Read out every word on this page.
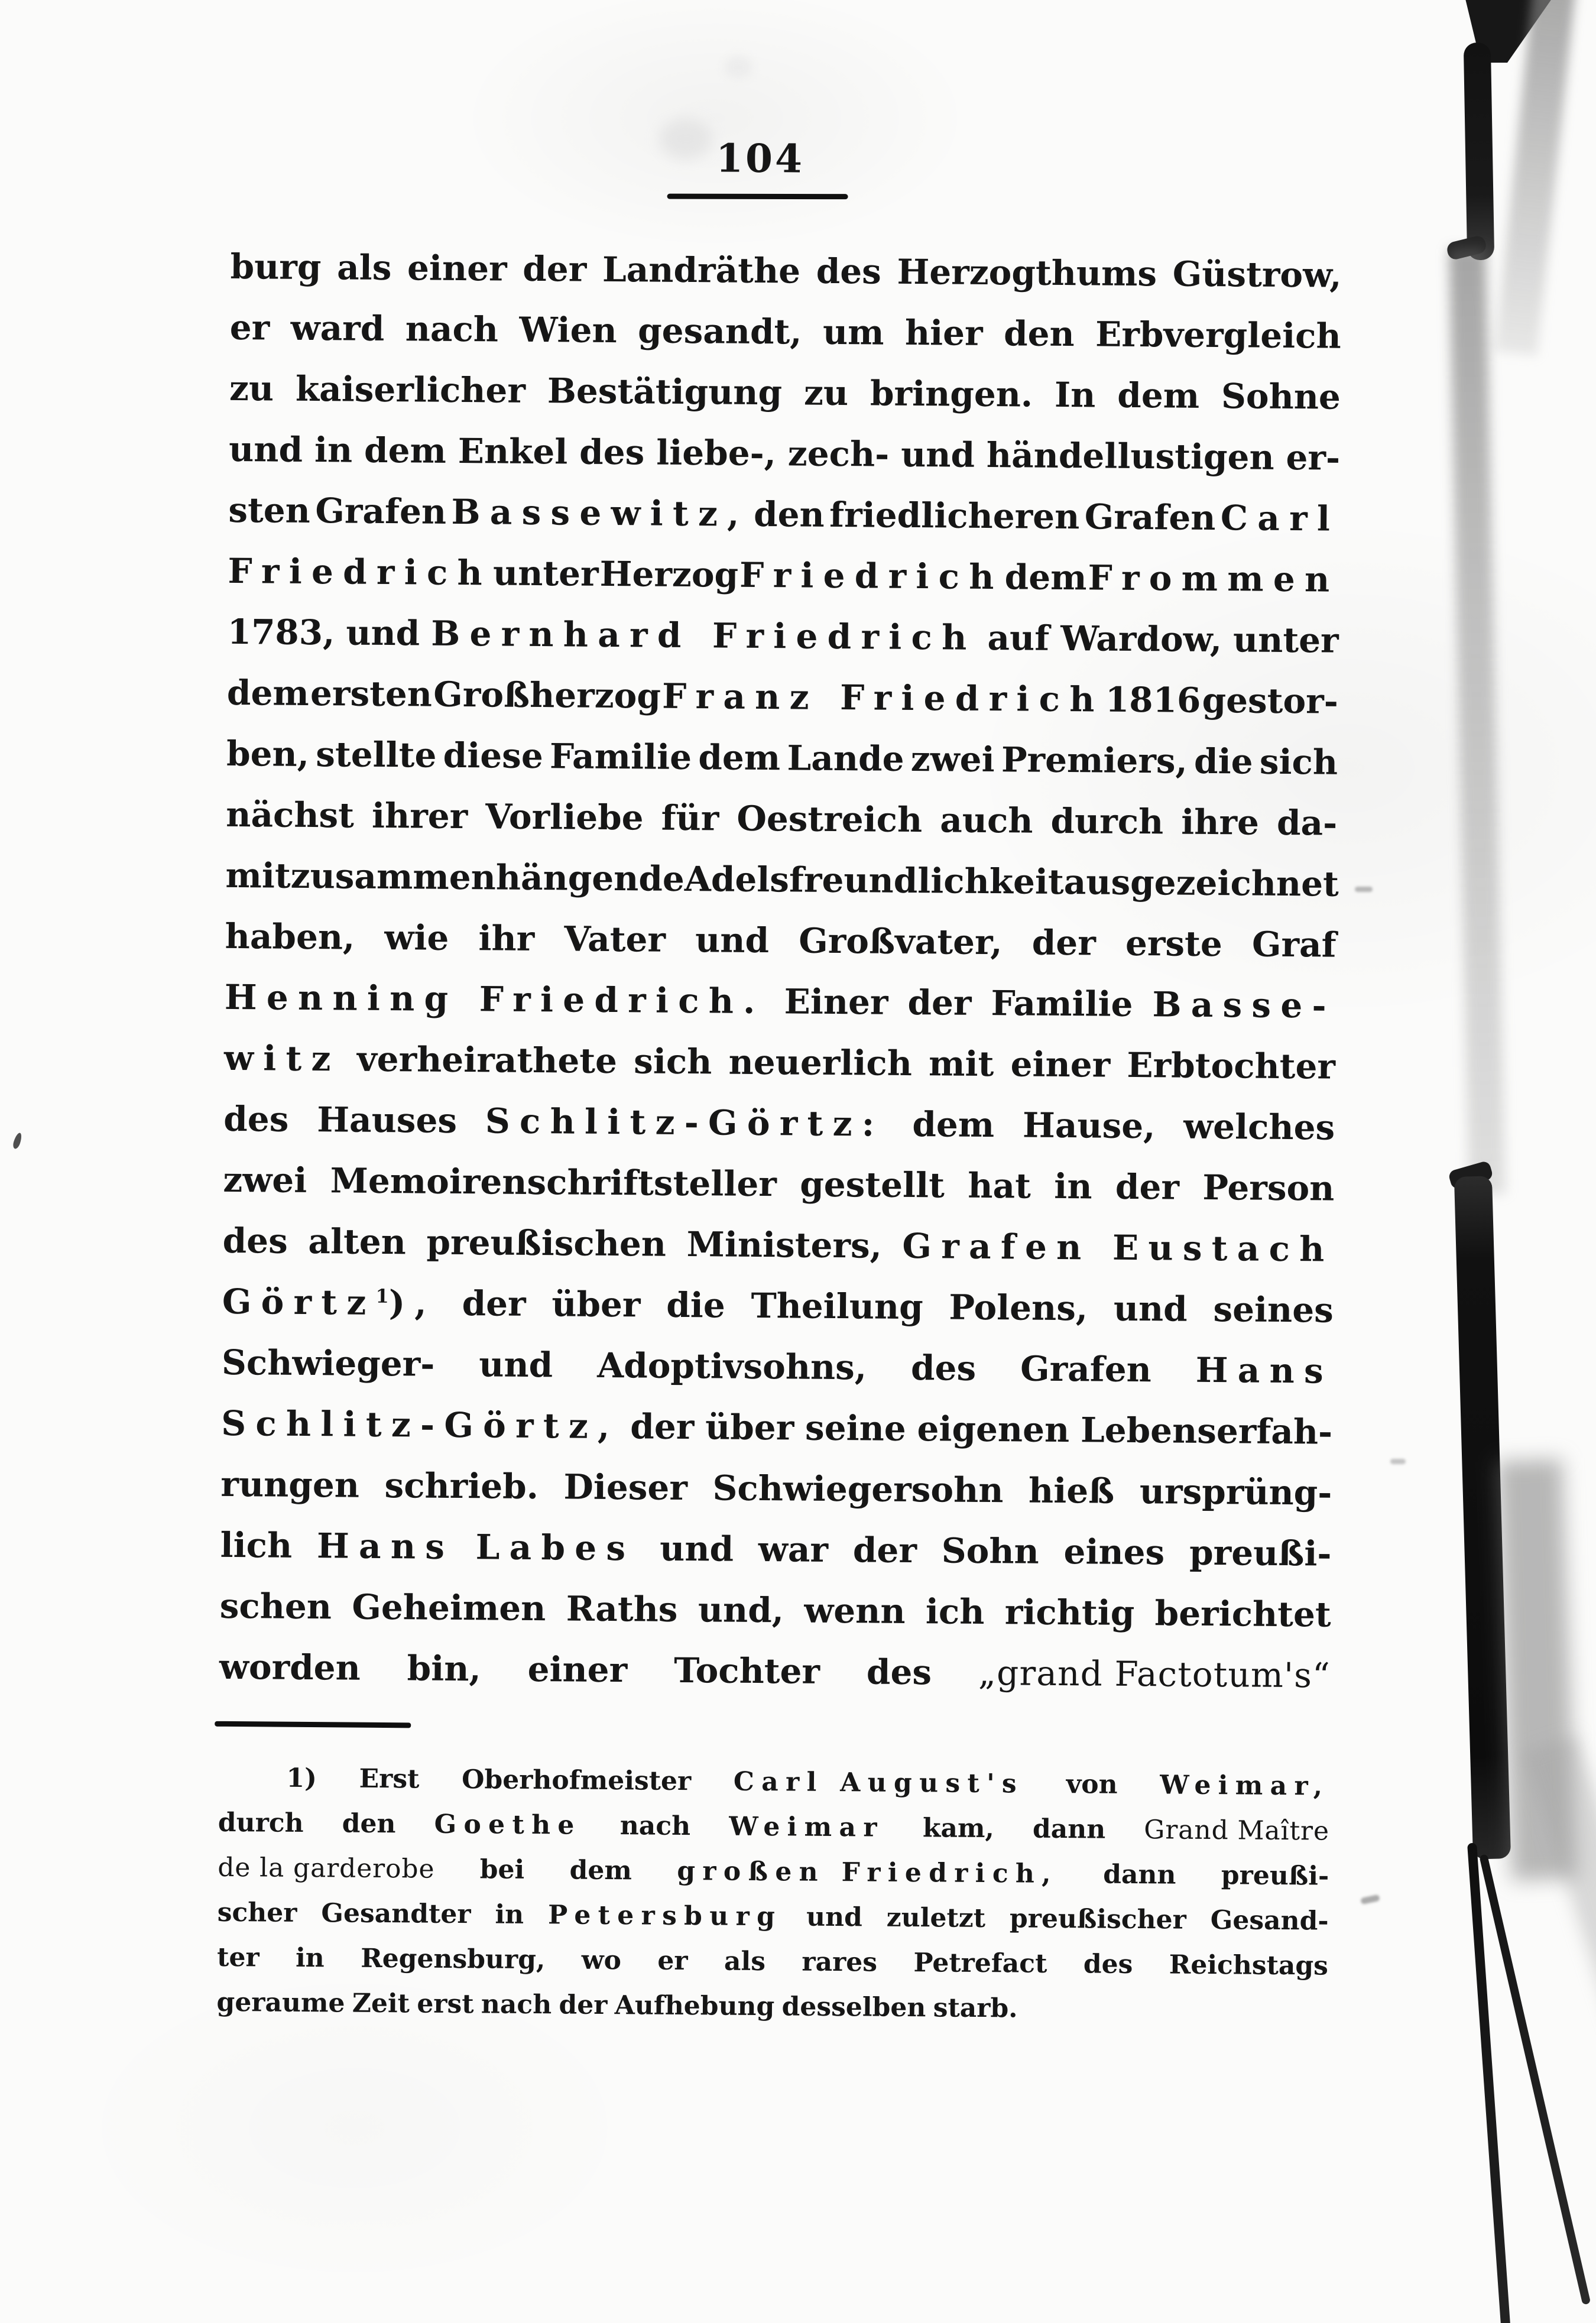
104
burg als einer der Landräthe des Herzogthums Güstrow,
er ward nach Wien gesandt, um hier den Erbvergleich
zu kaiserlicher Bestätigung zu bringen. In dem Sohne
und in dem Enkel des liebe-, zech- und händellustigen er-
sten Grafen Bassewitz, den friedlicheren Grafen Carl
Friedrich unter Herzog Friedrich dem Frommen
1783, und Bernhard Friedrich auf Wardow, unter
dem ersten Großherzog Franz Friedrich 1816 gestor-
ben, stellte diese Familie dem Lande zwei Premiers, die sich
nächst ihrer Vorliebe für Oestreich auch durch ihre da-
mit zusammenhängende Adelsfreundlichkeit ausgezeichnet
haben, wie ihr Vater und Großvater, der erste Graf
Henning Friedrich. Einer der Familie Basse-
witz verheirathete sich neuerlich mit einer Erbtochter
des Hauses Schlitz-Görtz: dem Hause, welches
zwei Memoirenschriftsteller gestellt hat in der Person
des alten preußischen Ministers, Grafen Eustach
Görtz$^1$), der über die Theilung Polens, und seines
Schwieger- und Adoptivsohns, des Grafen Hans
Schlitz-Görtz, der über seine eigenen Lebenserfah-
rungen schrieb. Dieser Schwiegersohn hieß ursprüng-
lich Hans Labes und war der Sohn eines preußi-
schen Geheimen Raths und, wenn ich richtig berichtet
worden bin, einer Tochter des „grand Factotum's“
1) Erst Oberhofmeister Carl August's von Weimar,
durch den Goethe nach Weimar kam, dann Grand Maître
de la garderobe bei dem großen Friedrich, dann preußi-
scher Gesandter in Petersburg und zuletzt preußischer Gesand-
ter in Regensburg, wo er als rares Petrefact des Reichstags
geraume Zeit erst nach der Aufhebung desselben starb.
